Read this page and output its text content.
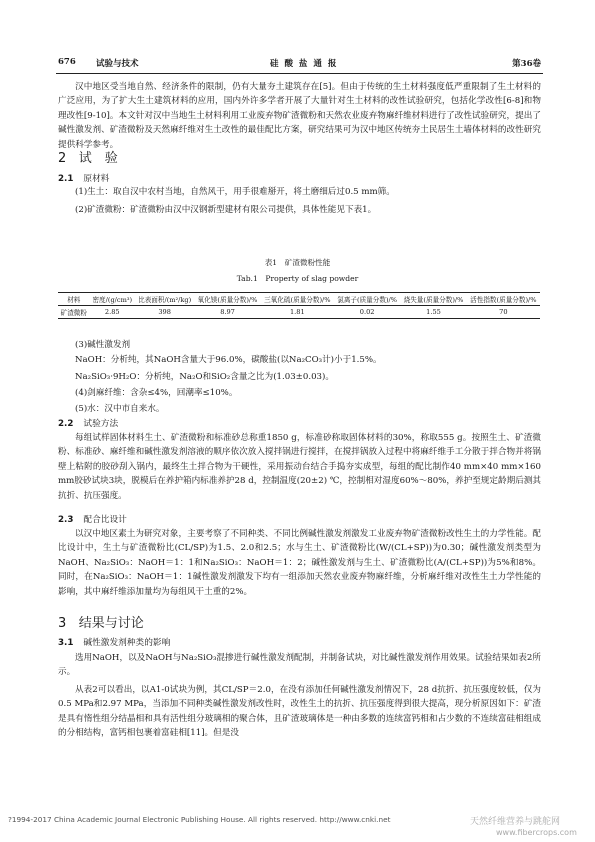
676 试验与技术	硅 酸 盐 通 报	第36卷

汉中地区受当地自然、经济条件的限制，仍有大量夯土建筑存在[5]。但由于传统的生土材料强度低严重限制了生土材料的广泛应用，为了扩大生土建筑材料的应用，国内外许多学者开展了大量针对生土材料的改性试验研究，包括化学改性[6-8]和物理改性[9-10]。本文针对汉中当地生土材料利用工业废弃物矿渣微粉和天然农业废弃物麻纤维材料进行了改性试验研究，提出了碱性激发剂、矿渣微粉及天然麻纤维对生土改性的最佳配比方案，研究结果可为汉中地区传统夯土民居生土墙体材料的改性研究提供科学参考。

2 试　验
2.1 原材料

(1)生土：取自汉中农村当地，自然风干，用手很难掰开，将土磨细后过0.5 mm筛。

(2)矿渣微粉：矿渣微粉由汉中汉钢新型建材有限公司提供，具体性能见下表1。

表1　矿渣微粉性能

Tab.1　Property of slag powder

材料	密度/(g/cm³)	比表面积/(m²/kg)	氧化镁(质量分数)/%	三氧化硫(质量分数)/%	氯离子(质量分数)/%	烧失量(质量分数)/%	活性指数(质量分数)/%
矿渣微粉	2.85	398	8.97	1.81	0.02	1.55	70

(3)碱性激发剂

NaOH：分析纯，其NaOH含量大于96.0%，碳酸盐(以Na₂CO₃计)小于1.5%。

Na₂SiO₃·9H₂O：分析纯，Na₂O和SiO₂含量之比为(1.03±0.03)。

(4)剑麻纤维：含杂≤4%，回潮率≤10%。

(5)水：汉中市自来水。

2.2 试验方法

每组试样固体材料生土、矿渣微粉和标准砂总称重1850 g，标准砂称取固体材料的30%，称取555 g。按照生土、矿渣微粉、标准砂、麻纤维和碱性激发剂溶液的顺序依次放入搅拌锅进行搅拌，在搅拌锅放入过程中将麻纤维手工分散于拌合物并将锅壁上粘附的胶砂刮入锅内，最终生土拌合物为干硬性，采用振动台结合手捣夯实成型，每组的配比制作40 mm×40 mm×160 mm胶砂试块3块，脱模后在养护箱内标准养护28 d，控制温度(20±2) ℃，控制相对湿度60%～80%，养护至规定龄期后测其抗折、抗压强度。

2.3 配合比设计

以汉中地区素土为研究对象，主要考察了不同种类、不同比例碱性激发剂激发工业废弃物矿渣微粉改性生土的力学性能。配比设计中，生土与矿渣微粉比(CL/SP)为1.5、2.0和2.5；水与生土、矿渣微粉比(W/(CL+SP))为0.30；碱性激发剂类型为NaOH、Na₂SiO₃：NaOH＝1：1和Na₂SiO₃：NaOH＝1：2；碱性激发剂与生土、矿渣微粉比(A/(CL+SP))为5%和8%。同时，在Na₂SiO₃：NaOH＝1：1碱性激发剂激发下均有一组添加天然农业废弃物麻纤维，分析麻纤维对改性生土力学性能的影响，其中麻纤维添加量均为每组风干土重的2%。

3 结果与讨论
3.1 碱性激发剂种类的影响

选用NaOH，以及NaOH与Na₂SiO₃混掺进行碱性激发剂配制，并制备试块，对比碱性激发剂作用效果。试验结果如表2所示。

从表2可以看出，以A1-0试块为例，其CL/SP＝2.0，在没有添加任何碱性激发剂情况下，28 d抗折、抗压强度较低，仅为0.5 MPa和2.97 MPa，当添加不同种类碱性激发剂改性时，改性生土的抗折、抗压强度得到很大提高，现分析原因如下：矿渣是具有惰性组分结晶相和具有活性组分玻璃相的聚合体，且矿渣玻璃体是一种由多数的连续富钙相和占少数的不连续富硅相组成的分相结构，富钙相包裹着富硅相[11]。但是没

?1994-2017 China Academic Journal Electronic Publishing House. All rights reserved. http://www.cnki.net	天然纤维营养与跳舵网
www.fibercrops.com
